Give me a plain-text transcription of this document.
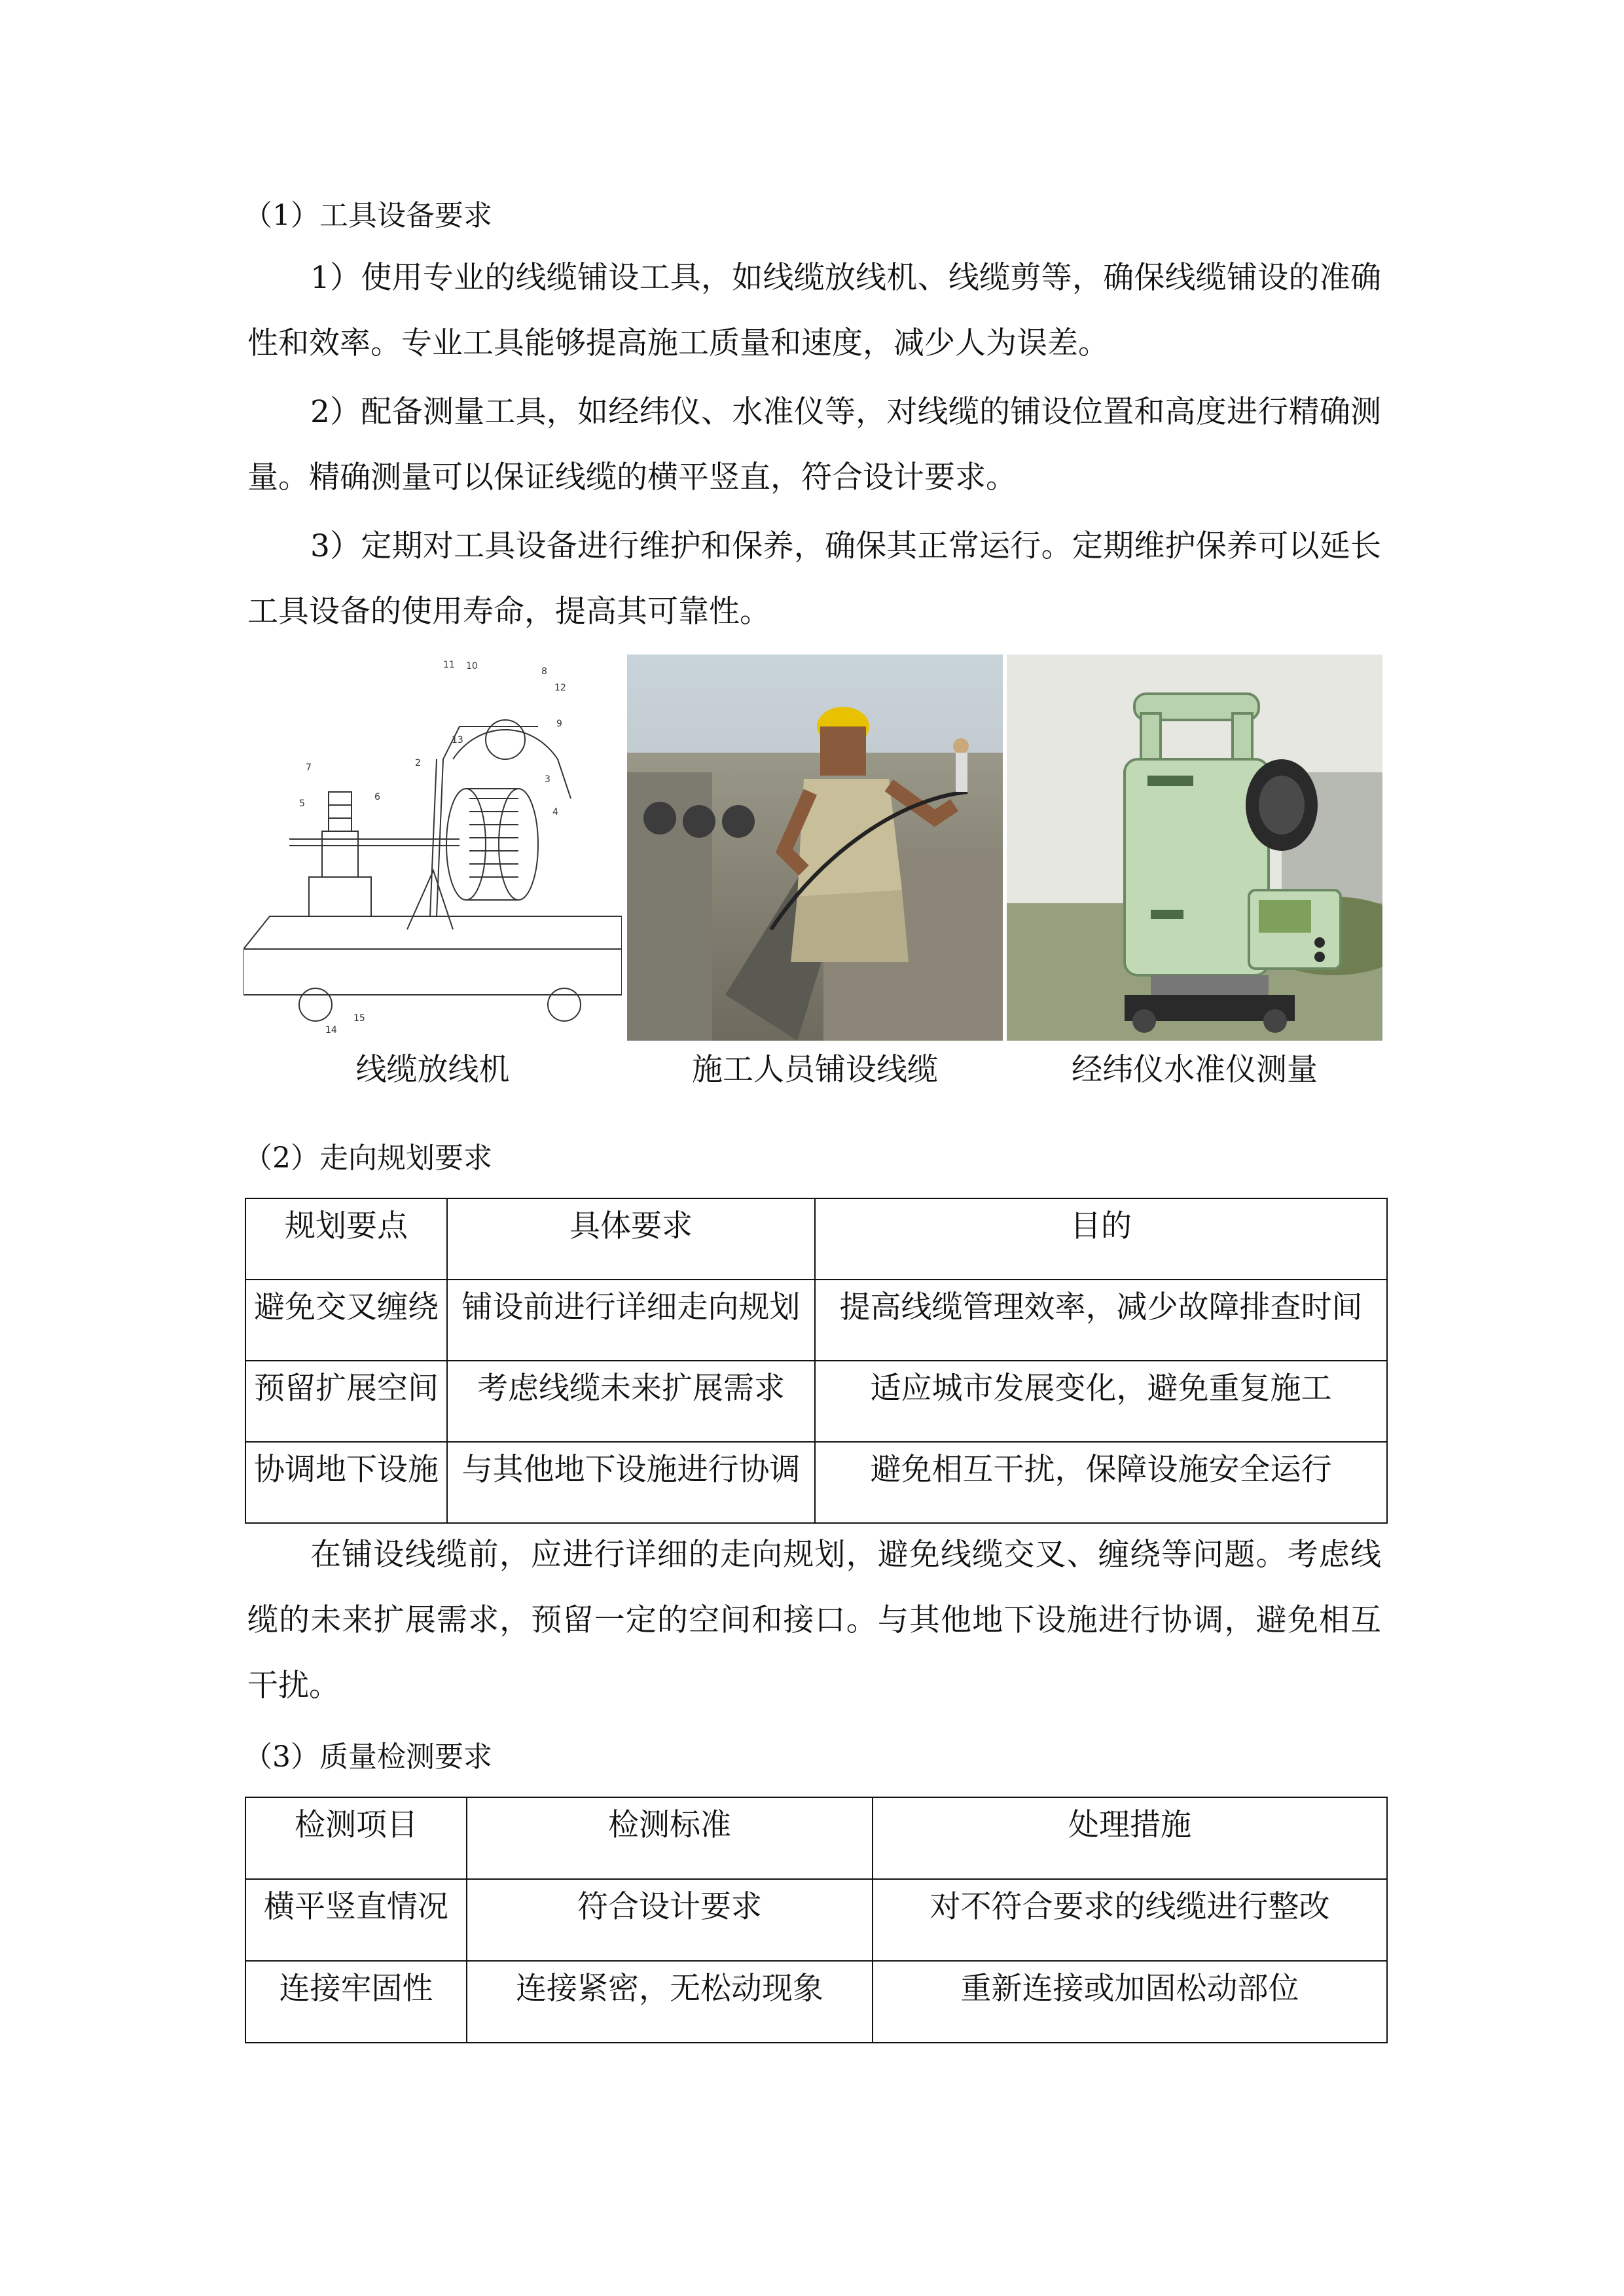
（1）工具设备要求
1）使用专业的线缆铺设工具，如线缆放线机、线缆剪等，确保线缆铺设的准确性和效率。专业工具能够提高施工质量和速度，减少人为误差。
2）配备测量工具，如经纬仪、水准仪等，对线缆的铺设位置和高度进行精确测量。精确测量可以保证线缆的横平竖直，符合设计要求。
3）定期对工具设备进行维护和保养，确保其正常运行。定期维护保养可以延长工具设备的使用寿命，提高其可靠性。
11 10	8
12
9
13
2
3
4
7
5
6
15
14
线缆放线机	施工人员铺设线缆	经纬仪水准仪测量
（2）走向规划要求
规划要点	具体要求	目的
避免交叉缠绕	铺设前进行详细走向规划	提高线缆管理效率，减少故障排查时间
预留扩展空间	考虑线缆未来扩展需求	适应城市发展变化，避免重复施工
协调地下设施	与其他地下设施进行协调	避免相互干扰，保障设施安全运行
在铺设线缆前，应进行详细的走向规划，避免线缆交叉、缠绕等问题。考虑线缆的未来扩展需求，预留一定的空间和接口。与其他地下设施进行协调，避免相互干扰。
（3）质量检测要求
检测项目	检测标准	处理措施
横平竖直情况	符合设计要求	对不符合要求的线缆进行整改
连接牢固性	连接紧密，无松动现象	重新连接或加固松动部位
